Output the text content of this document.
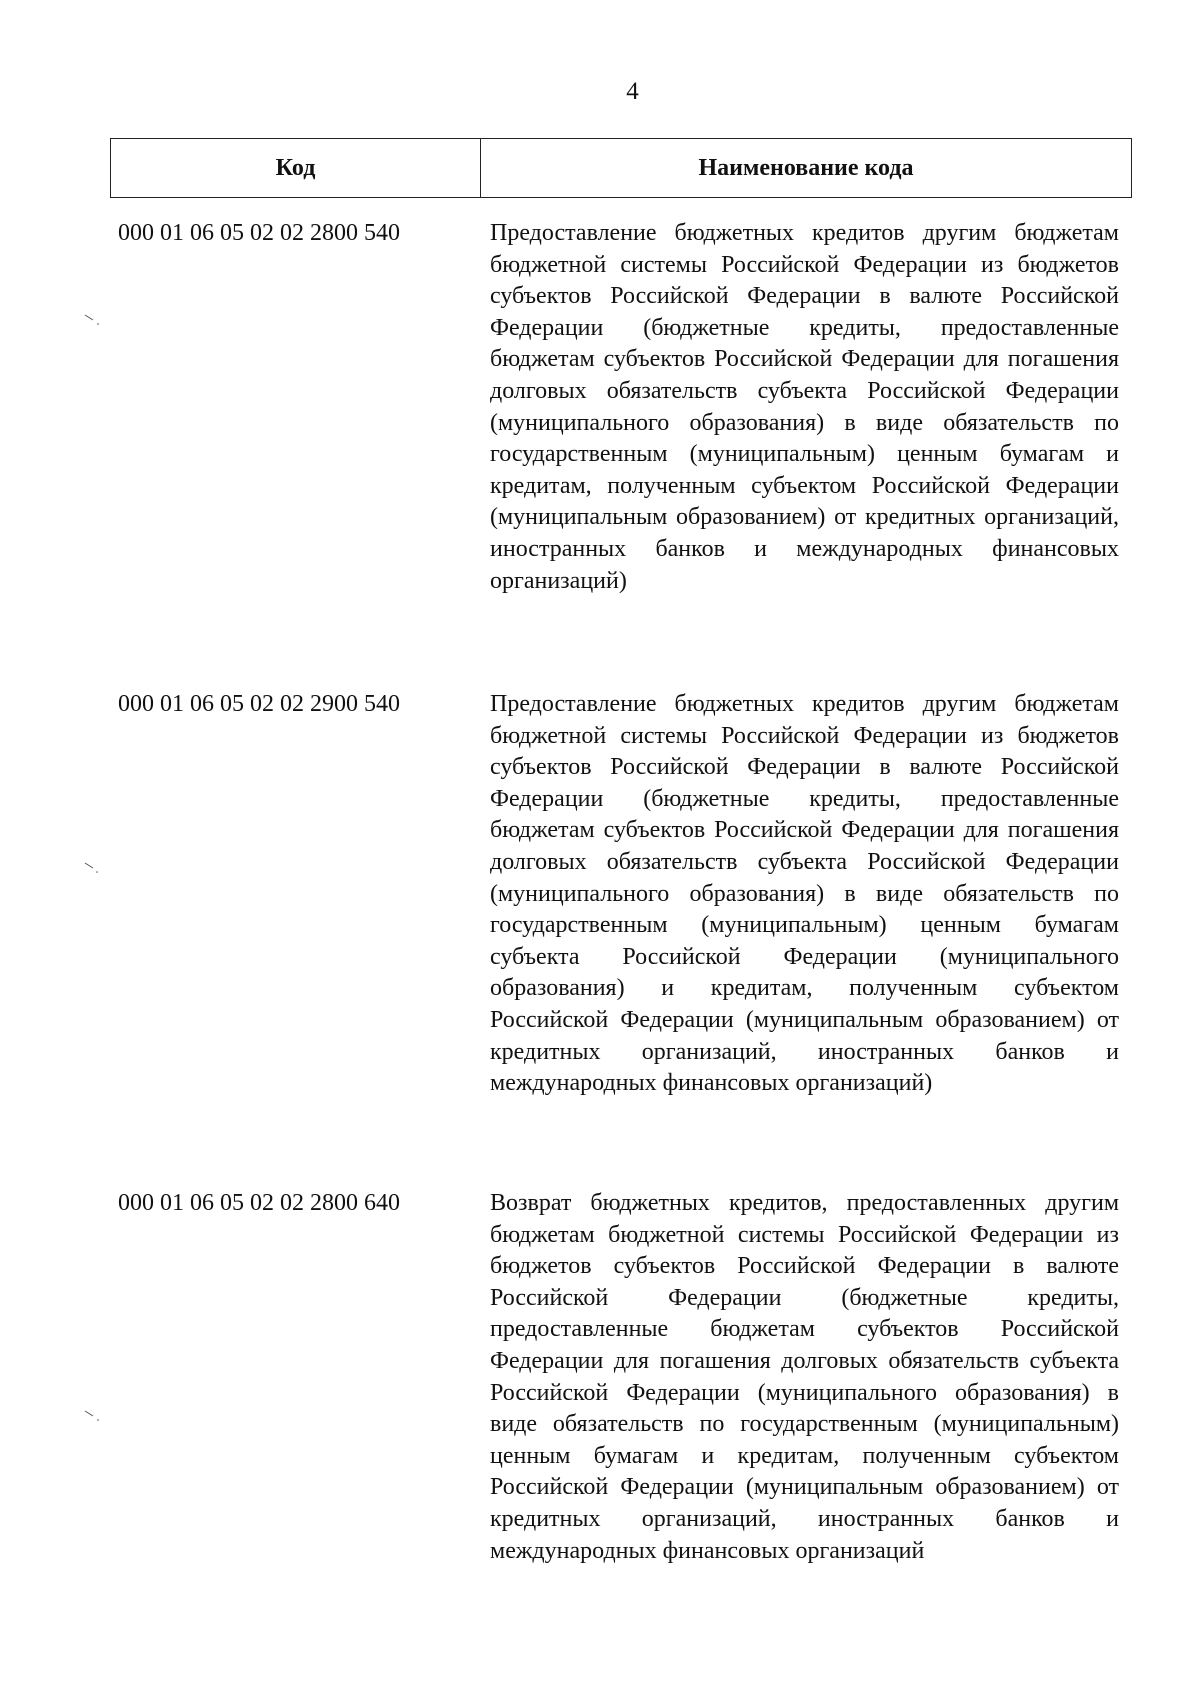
4
Код	Наименование кода
000 01 06 05 02 02 2800 540	Предоставление бюджетных кредитов другим бюджетам бюджетной системы Российской Федерации из бюджетов субъектов Российской Федерации в валюте Российской Федерации (бюджетные кредиты, предоставленные бюджетам субъектов Российской Федерации для погашения долговых обязательств субъекта Российской Федерации (муниципального образования) в виде обязательств по государственным (муниципальным) ценным бумагам и кредитам, полученным субъектом Российской Федерации (муниципальным образованием) от кредитных организаций, иностранных банков и международных финансовых организаций)
000 01 06 05 02 02 2900 540	Предоставление бюджетных кредитов другим бюджетам бюджетной системы Российской Федерации из бюджетов субъектов Российской Федерации в валюте Российской Федерации (бюджетные кредиты, предоставленные бюджетам субъектов Российской Федерации для погашения долговых обязательств субъекта Российской Федерации (муниципального образования) в виде обязательств по государственным (муниципальным) ценным бумагам субъекта Российской Федерации (муниципального образования) и кредитам, полученным субъектом Российской Федерации (муниципальным образованием) от кредитных организаций, иностранных банков и международных финансовых организаций)
000 01 06 05 02 02 2800 640	Возврат бюджетных кредитов, предоставленных другим бюджетам бюджетной системы Российской Федерации из бюджетов субъектов Российской Федерации в валюте Российской Федерации (бюджетные кредиты, предоставленные бюджетам субъектов Российской Федерации для погашения долговых обязательств субъекта Российской Федерации (муниципального образования) в виде обязательств по государственным (муниципальным) ценным бумагам и кредитам, полученным субъектом Российской Федерации (муниципальным образованием) от кредитных организаций, иностранных банков и международных финансовых организаций
